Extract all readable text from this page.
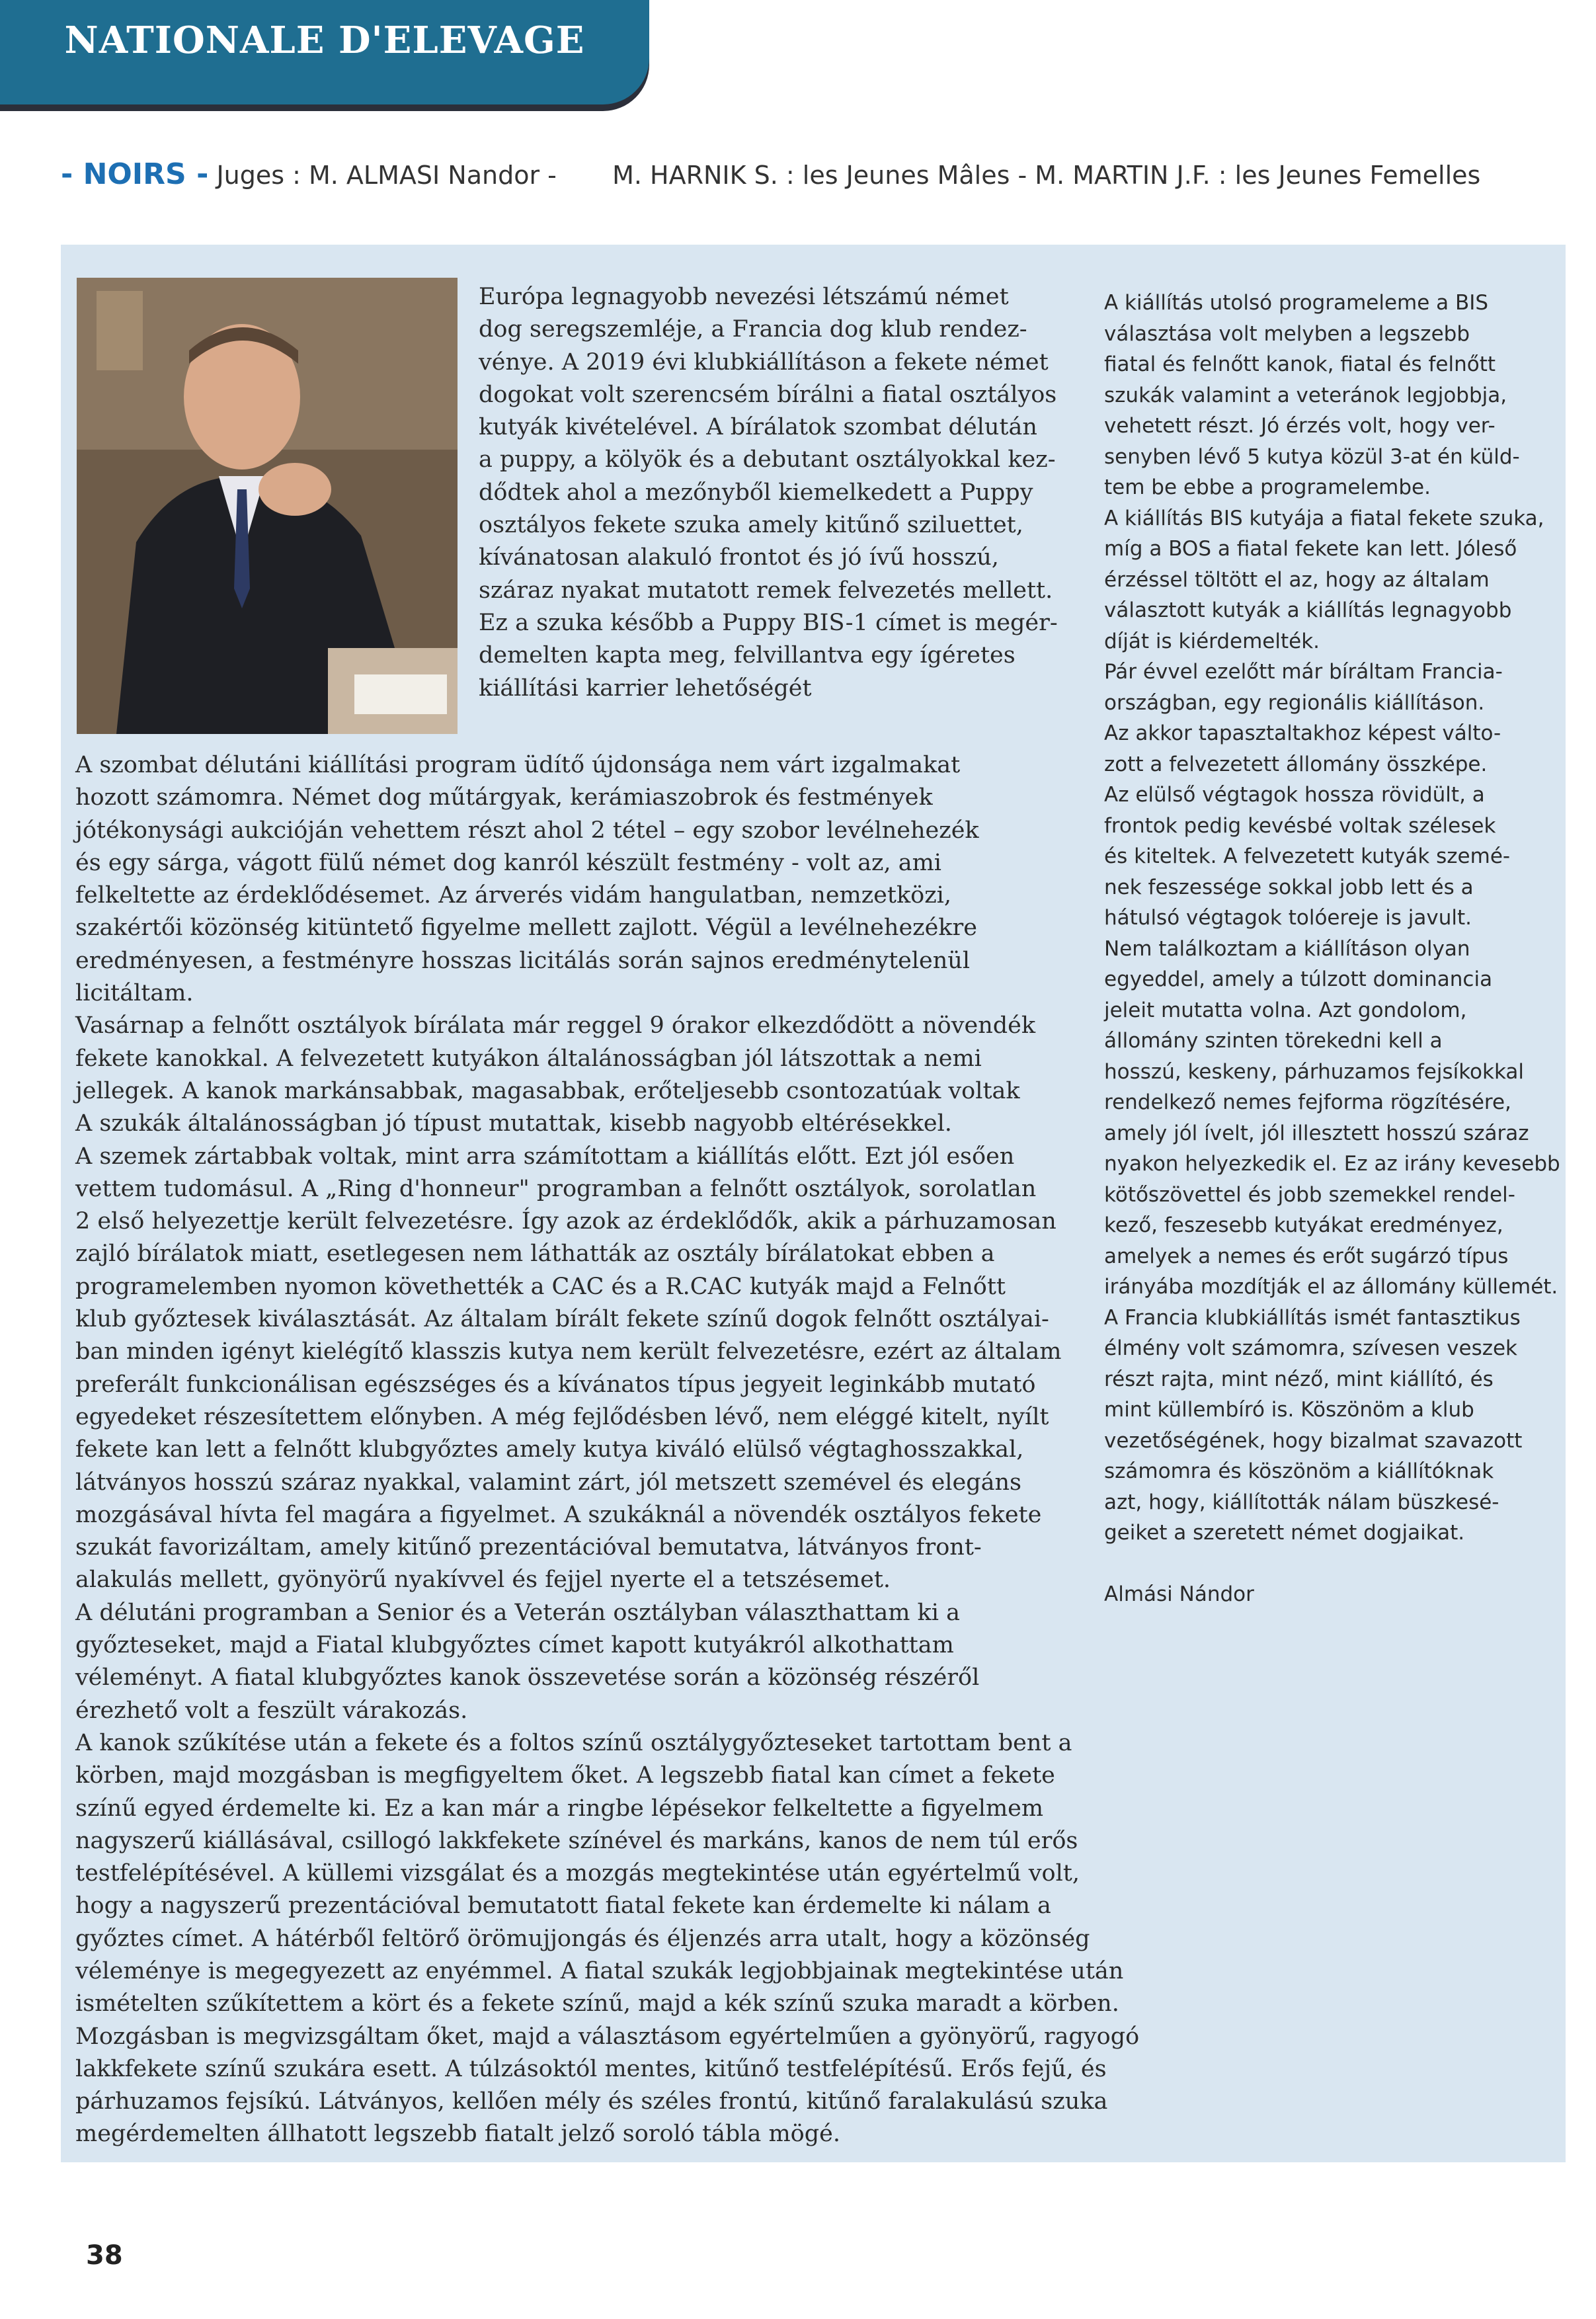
NATIONALE D'ELEVAGE
- NOIRS - Juges : M. ALMASI Nandor - M. HARNIK S. : les Jeunes Mâles - M. MARTIN J.F. : les Jeunes Femelles
Európa legnagyobb nevezési létszámú német
dog seregszemléje, a Francia dog klub rendez-
vénye. A 2019 évi klubkiállításon a fekete német
dogokat volt szerencsém bírálni a fiatal osztályos
kutyák kivételével. A bírálatok szombat délután
a puppy, a kölyök és a debutant osztályokkal kez-
dődtek ahol a mezőnyből kiemelkedett a Puppy
osztályos fekete szuka amely kitűnő sziluettet,
kívánatosan alakuló frontot és jó ívű hosszú,
száraz nyakat mutatott remek felvezetés mellett.
Ez a szuka később a Puppy BIS-1 címet is megér-
demelten kapta meg, felvillantva egy ígéretes
kiállítási karrier lehetőségét
A szombat délutáni kiállítási program üdítő újdonsága nem várt izgalmakat
hozott számomra. Német dog műtárgyak, kerámiaszobrok és festmények
jótékonysági aukcióján vehettem részt ahol 2 tétel – egy szobor levélnehezék
és egy sárga, vágott fülű német dog kanról készült festmény - volt az, ami
felkeltette az érdeklődésemet. Az árverés vidám hangulatban, nemzetközi,
szakértői közönség kitüntető figyelme mellett zajlott. Végül a levélnehezékre
eredményesen, a festményre hosszas licitálás során sajnos eredménytelenül
licitáltam.
Vasárnap a felnőtt osztályok bírálata már reggel 9 órakor elkezdődött a növendék
fekete kanokkal. A felvezetett kutyákon általánosságban jól látszottak a nemi
jellegek. A kanok markánsabbak, magasabbak, erőteljesebb csontozatúak voltak
A szukák általánosságban jó típust mutattak, kisebb nagyobb eltérésekkel.
A szemek zártabbak voltak, mint arra számítottam a kiállítás előtt. Ezt jól esően
vettem tudomásul. A „Ring d'honneur" programban a felnőtt osztályok, sorolatlan
2 első helyezettje került felvezetésre. Így azok az érdeklődők, akik a párhuzamosan
zajló bírálatok miatt, esetlegesen nem láthatták az osztály bírálatokat ebben a
programelemben nyomon követhették a CAC és a R.CAC kutyák majd a Felnőtt
klub győztesek kiválasztását. Az általam bírált fekete színű dogok felnőtt osztályai-
ban minden igényt kielégítő klasszis kutya nem került felvezetésre, ezért az általam
preferált funkcionálisan egészséges és a kívánatos típus jegyeit leginkább mutató
egyedeket részesítettem előnyben. A még fejlődésben lévő, nem eléggé kitelt, nyílt
fekete kan lett a felnőtt klubgyőztes amely kutya kiváló elülső végtaghosszakkal,
látványos hosszú száraz nyakkal, valamint zárt, jól metszett szemével és elegáns
mozgásával hívta fel magára a figyelmet. A szukáknál a növendék osztályos fekete
szukát favorizáltam, amely kitűnő prezentációval bemutatva, látványos front-
alakulás mellett, gyönyörű nyakívvel és fejjel nyerte el a tetszésemet.
A délutáni programban a Senior és a Veterán osztályban választhattam ki a
győzteseket, majd a Fiatal klubgyőztes címet kapott kutyákról alkothattam
véleményt. A fiatal klubgyőztes kanok összevetése során a közönség részéről
érezhető volt a feszült várakozás.
A kanok szűkítése után a fekete és a foltos színű osztálygyőzteseket tartottam bent a
körben, majd mozgásban is megfigyeltem őket. A legszebb fiatal kan címet a fekete
színű egyed érdemelte ki. Ez a kan már a ringbe lépésekor felkeltette a figyelmem
nagyszerű kiállásával, csillogó lakkfekete színével és markáns, kanos de nem túl erős
testfelépítésével. A küllemi vizsgálat és a mozgás megtekintése után egyértelmű volt,
hogy a nagyszerű prezentációval bemutatott fiatal fekete kan érdemelte ki nálam a
győztes címet. A hátérből feltörő örömujjongás és éljenzés arra utalt, hogy a közönség
véleménye is megegyezett az enyémmel. A fiatal szukák legjobbjainak megtekintése után
ismételten szűkítettem a kört és a fekete színű, majd a kék színű szuka maradt a körben.
Mozgásban is megvizsgáltam őket, majd a választásom egyértelműen a gyönyörű, ragyogó
lakkfekete színű szukára esett. A túlzásoktól mentes, kitűnő testfelépítésű. Erős fejű, és
párhuzamos fejsíkú. Látványos, kellően mély és széles frontú, kitűnő faralakulású szuka
megérdemelten állhatott legszebb fiatalt jelző soroló tábla mögé.
A kiállítás utolsó programeleme a BIS
választása volt melyben a legszebb
fiatal és felnőtt kanok, fiatal és felnőtt
szukák valamint a veteránok legjobbja,
vehetett részt. Jó érzés volt, hogy ver-
senyben lévő 5 kutya közül 3-at én küld-
tem be ebbe a programelembe.
A kiállítás BIS kutyája a fiatal fekete szuka,
míg a BOS a fiatal fekete kan lett. Jóleső
érzéssel töltött el az, hogy az általam
választott kutyák a kiállítás legnagyobb
díját is kiérdemelték.
Pár évvel ezelőtt már bíráltam Francia-
országban, egy regionális kiállításon.
Az akkor tapasztaltakhoz képest válto-
zott a felvezetett állomány összképe.
Az elülső végtagok hossza rövidült, a
frontok pedig kevésbé voltak szélesek
és kiteltek. A felvezetett kutyák szemé-
nek feszessége sokkal jobb lett és a
hátulsó végtagok tolóereje is javult.
Nem találkoztam a kiállításon olyan
egyeddel, amely a túlzott dominancia
jeleit mutatta volna. Azt gondolom,
állomány szinten törekedni kell a
hosszú, keskeny, párhuzamos fejsíkokkal
rendelkező nemes fejforma rögzítésére,
amely jól ívelt, jól illesztett hosszú száraz
nyakon helyezkedik el. Ez az irány kevesebb
kötőszövettel és jobb szemekkel rendel-
kező, feszesebb kutyákat eredményez,
amelyek a nemes és erőt sugárzó típus
irányába mozdítják el az állomány küllemét.
A Francia klubkiállítás ismét fantasztikus
élmény volt számomra, szívesen veszek
részt rajta, mint néző, mint kiállító, és
mint küllembíró is. Köszönöm a klub
vezetőségének, hogy bizalmat szavazott
számomra és köszönöm a kiállítóknak
azt, hogy, kiállították nálam büszkesé-
geiket a szeretett német dogjaikat.
Almási Nándor
38
